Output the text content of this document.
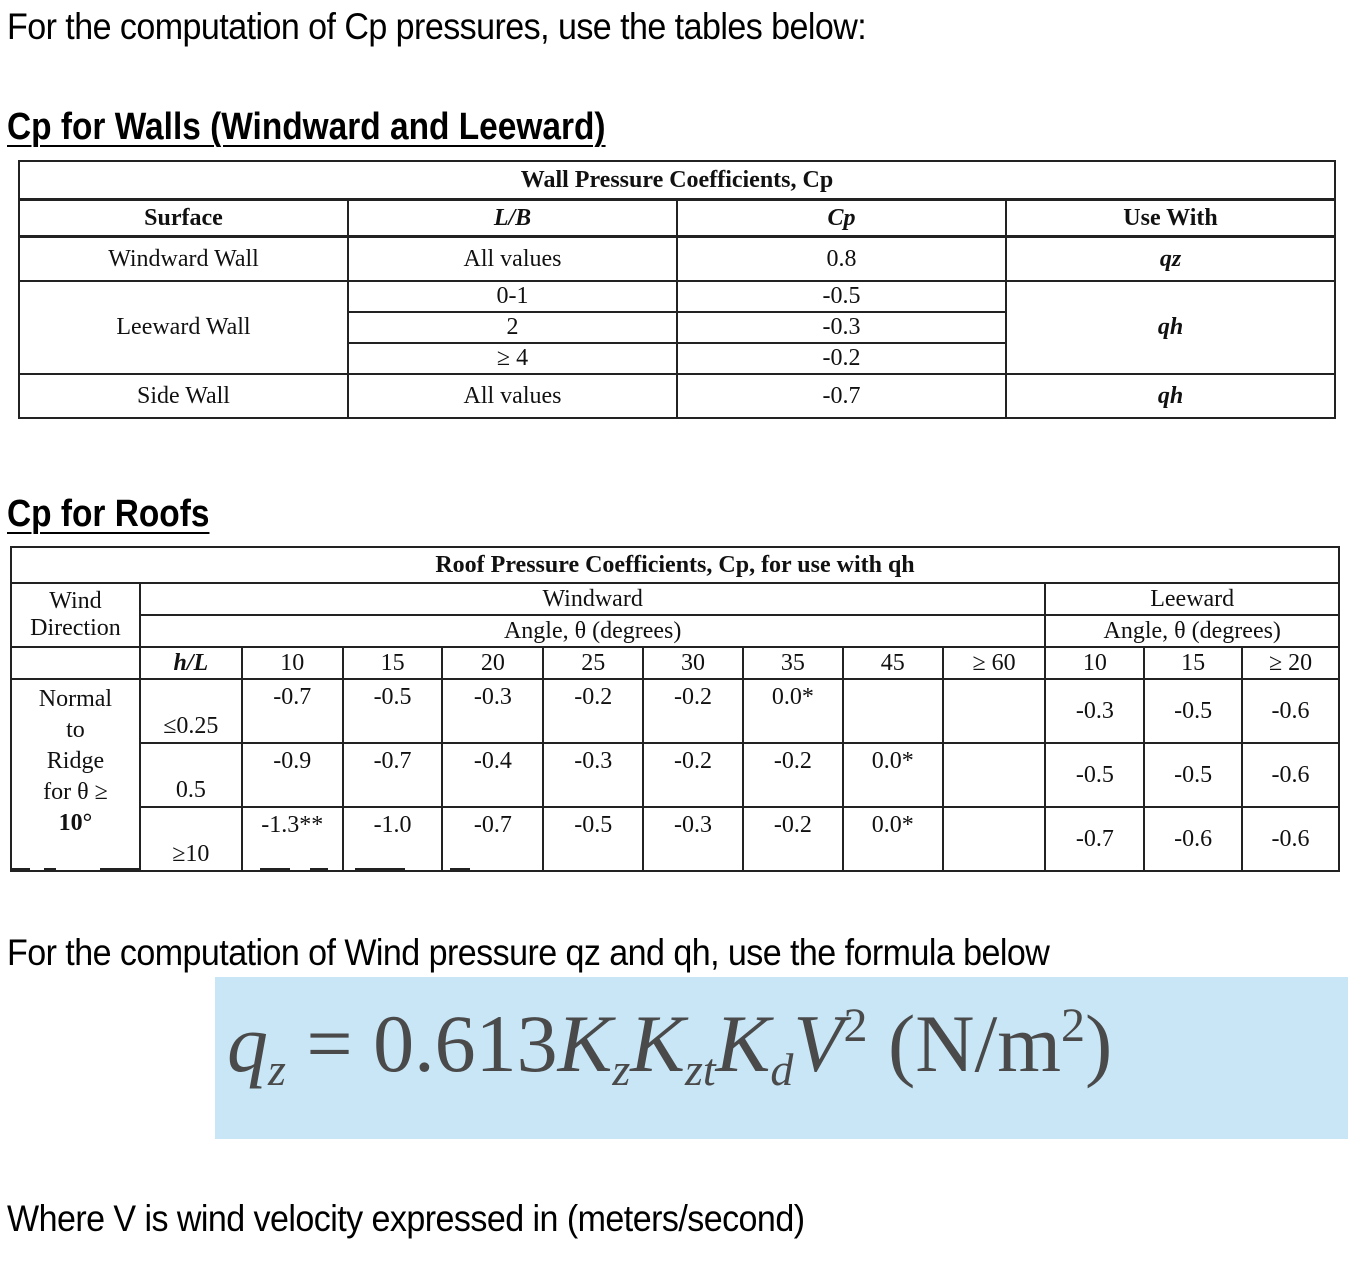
For the computation of Cp pressures, use the tables below:
Cp for Walls (Windward and Leeward)
Wall Pressure Coefficients, Cp			
Surface	L/B	Cp	Use With
Windward Wall	All values	0.8	qz
Leeward Wall	0-1	-0.5	qh
	2	-0.3	
	≥ 4	-0.2	
Side Wall	All values	-0.7	qh
Cp for Roofs
Roof Pressure Coefficients, Cp, for use with qh												
Wind Direction	Windward									Leeward		
	Angle, θ (degrees)									Angle, θ (degrees)		
	h/L	10	15	20	25	30	35	45	≥ 60	10	15	≥ 20

Normal
to
Ridge
for θ ≥
10°	≤0.25	-0.7	-0.5	-0.3	-0.2	-0.2	0.0*			-0.3	-0.5	-0.6
	0.5	-0.9	-0.7	-0.4	-0.3	-0.2	-0.2	0.0*		-0.5	-0.5	-0.6
	≥10	-1.3**	-1.0	-0.7	-0.5	-0.3	-0.2	0.0*		-0.7	-0.6	-0.6
For the computation of Wind pressure qz and qh, use the formula below
$q_z = 0.613K_zK_{zt}K_dV^2$ $(N/m^2)$
Where V is wind velocity expressed in (meters/second)
